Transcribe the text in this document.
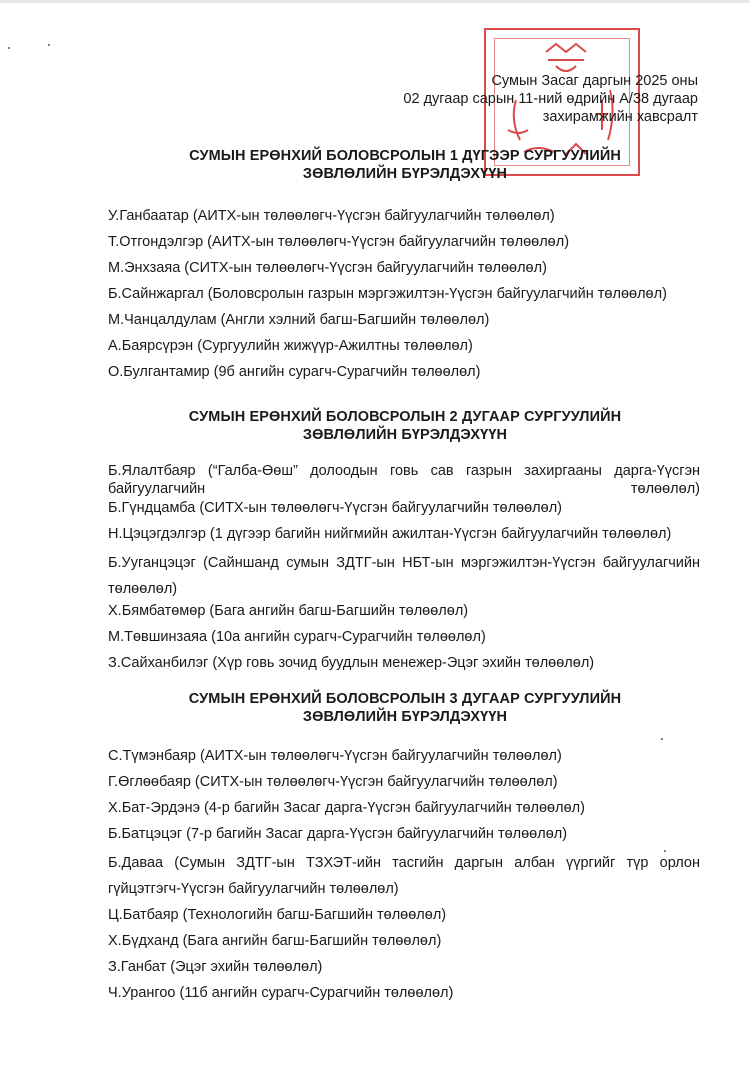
Сумын Засаг даргын 2025 оны
02 дугаар сарын 11-ний өдрийн А/38 дугаар
захирамжийн хавсралт
СУМЫН ЕРӨНХИЙ БОЛОВСРОЛЫН 1 ДҮГЭЭР СУРГУУЛИЙН
ЗӨВЛӨЛИЙН БҮРЭЛДЭХҮҮН
У.Ганбаатар (АИТХ-ын төлөөлөгч-Үүсгэн байгуулагчийн төлөөлөл)
Т.Отгондэлгэр (АИТХ-ын төлөөлөгч-Үүсгэн байгуулагчийн төлөөлөл)
М.Энхзаяа (СИТХ-ын төлөөлөгч-Үүсгэн байгуулагчийн төлөөлөл)
Б.Сайнжаргал (Боловсролын газрын мэргэжилтэн-Үүсгэн байгуулагчийн төлөөлөл)
М.Чанцалдулам (Англи хэлний багш-Багшийн төлөөлөл)
А.Баярсүрэн (Сургуулийн жижүүр-Ажилтны төлөөлөл)
О.Булгантамир (9б ангийн сурагч-Сурагчийн төлөөлөл)
СУМЫН ЕРӨНХИЙ БОЛОВСРОЛЫН 2 ДУГААР СУРГУУЛИЙН
ЗӨВЛӨЛИЙН БҮРЭЛДЭХҮҮН
Б.Ялалтбаяр (“Галба-Өөш” долоодын говь сав газрын захиргааны дарга-Үүсгэн байгуулагчийн төлөөлөл)
Б.Гүндцамба (СИТХ-ын төлөөлөгч-Үүсгэн байгуулагчийн төлөөлөл)
Н.Цэцэгдэлгэр (1 дүгээр багийн нийгмийн ажилтан-Үүсгэн байгуулагчийн төлөөлөл)
Б.Ууганцэцэг (Сайншанд сумын ЗДТГ-ын НБТ-ын мэргэжилтэн-Үүсгэн байгуулагчийн төлөөлөл)
Х.Бямбатөмөр (Бага ангийн багш-Багшийн төлөөлөл)
М.Төвшинзаяа (10а ангийн сурагч-Сурагчийн төлөөлөл)
З.Сайханбилэг (Хүр говь зочид буудлын менежер-Эцэг эхийн төлөөлөл)
СУМЫН ЕРӨНХИЙ БОЛОВСРОЛЫН 3 ДУГААР СУРГУУЛИЙН
ЗӨВЛӨЛИЙН БҮРЭЛДЭХҮҮН
С.Түмэнбаяр (АИТХ-ын төлөөлөгч-Үүсгэн байгуулагчийн төлөөлөл)
Г.Өглөөбаяр (СИТХ-ын төлөөлөгч-Үүсгэн байгуулагчийн төлөөлөл)
Х.Бат-Эрдэнэ (4-р багийн Засаг дарга-Үүсгэн байгуулагчийн төлөөлөл)
Б.Батцэцэг (7-р багийн Засаг дарга-Үүсгэн байгуулагчийн төлөөлөл)
Б.Даваа (Сумын ЗДТГ-ын ТЗХЭТ-ийн тасгийн даргын албан үүргийг түр орлон гүйцэтгэгч-Үүсгэн байгуулагчийн төлөөлөл)
Ц.Батбаяр (Технологийн багш-Багшийн төлөөлөл)
Х.Бүдханд (Бага ангийн багш-Багшийн төлөөлөл)
З.Ганбат (Эцэг эхийн төлөөлөл)
Ч.Урангоо (11б ангийн сурагч-Сурагчийн төлөөлөл)
